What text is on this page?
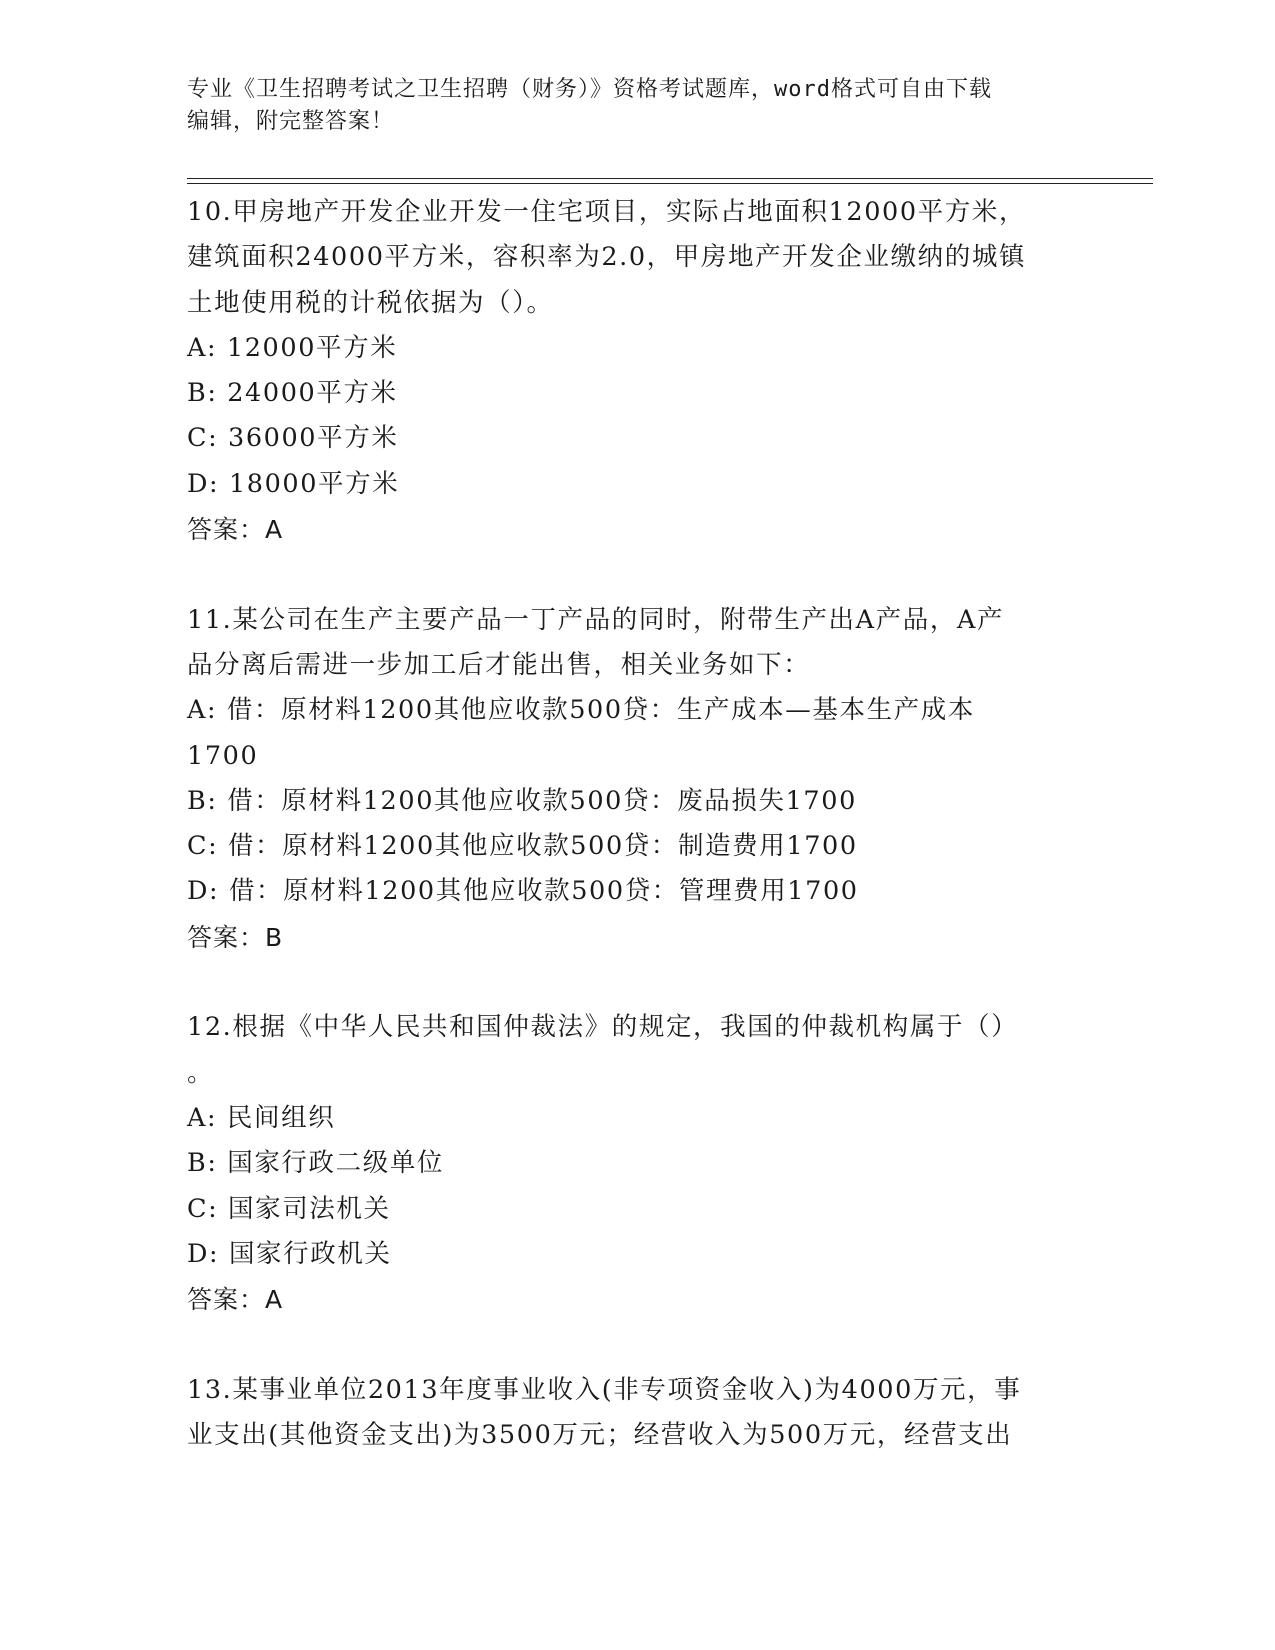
专业《卫生招聘考试之卫生招聘（财务）》资格考试题库，word格式可自由下载
编辑，附完整答案！
10.甲房地产开发企业开发一住宅项目，实际占地面积12000平方米，
建筑面积24000平方米，容积率为2.0，甲房地产开发企业缴纳的城镇
土地使用税的计税依据为（）。
A: 12000平方米
B: 24000平方米
C: 36000平方米
D: 18000平方米
答案：A
11.某公司在生产主要产品一丁产品的同时，附带生产出A产品，A产
品分离后需进一步加工后才能出售，相关业务如下：
A: 借：原材料1200其他应收款500贷：生产成本—基本生产成本
1700
B: 借：原材料1200其他应收款500贷：废品损失1700
C: 借：原材料1200其他应收款500贷：制造费用1700
D: 借：原材料1200其他应收款500贷：管理费用1700
答案：B
12.根据《中华人民共和国仲裁法》的规定，我国的仲裁机构属于（）
。
A: 民间组织
B: 国家行政二级单位
C: 国家司法机关
D: 国家行政机关
答案：A
13.某事业单位2013年度事业收入(非专项资金收入)为4000万元，事
业支出(其他资金支出)为3500万元；经营收入为500万元，经营支出
